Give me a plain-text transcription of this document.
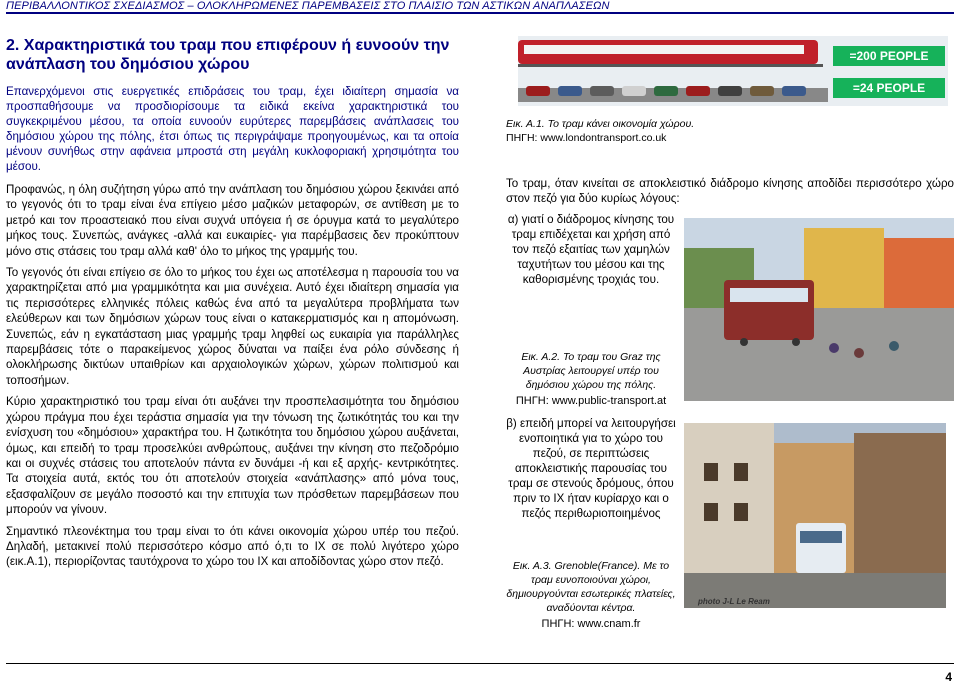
ΠΕΡΙΒΑΛΛΟΝΤΙΚΟΣ ΣΧΕΔΙΑΣΜΟΣ – ΟΛΟΚΛΗΡΩΜΕΝΕΣ ΠΑΡΕΜΒΑΣΕΙΣ ΣΤΟ ΠΛΑΙΣΙΟ ΤΩΝ ΑΣΤΙΚΩΝ ΑΝΑΠΛΑΣΕΩΝ
2. Χαρακτηριστικά του τραμ που επιφέρουν ή ευνοούν την ανάπλαση του δημόσιου χώρου

Επανερχόμενοι στις ευεργετικές επιδράσεις του τραμ, έχει ιδιαίτερη σημασία να προσπαθήσουμε να προσδιορίσουμε τα ειδικά εκείνα χαρακτηριστικά του συγκεκριμένου μέσου, τα οποία ευνοούν ευρύτερες παρεμβάσεις ανάπλασεις του δημόσιου χώρου της πόλης, έτσι όπως τις περιγράψαμε προηγουμένως, και τα οποία μένουν συνήθως στην αφάνεια μπροστά στη μεγάλη κυκλοφοριακή χρησιμότητα του μέσου.

Προφανώς, η όλη συζήτηση γύρω από την ανάπλαση του δημόσιου χώρου ξεκινάει από το γεγονός ότι το τραμ είναι ένα επίγειο μέσο μαζικών μεταφορών, σε αντίθεση με το μετρό και τον προαστειακό που είναι συχνά υπόγεια ή σε όρυγμα κατά το μεγαλύτερο μήκος τους. Συνεπώς, ανάγκες -αλλά και ευκαιρίες- για παρέμβασεις δεν προκύπτουν μόνο στις στάσεις του τραμ αλλά καθ' όλο το μήκος της γραμμής του.

Το γεγονός ότι είναι επίγειο σε όλο το μήκος του έχει ως αποτέλεσμα η παρουσία του να χαρακτηρίζεται από μια γραμμικότητα και μια συνέχεια. Αυτό έχει ιδιαίτερη σημασία για τις περισσότερες ελληνικές πόλεις καθώς ένα από τα μεγαλύτερα προβλήματα των ελεύθερων και των δημόσιων χώρων τους είναι ο κατακερματισμός και η απομόνωση. Συνεπώς, εάν η εγκατάσταση μιας γραμμής τραμ ληφθεί ως ευκαιρία για παράλληλες παρεμβάσεις τότε ο παρακείμενος χώρος δύναται να παίξει ένα ρόλο σύνδεσης ή ολοκλήρωσης δικτύων υπαιθρίων και αρχαιολογικών χώρων, χώρων πολιτισμού και τοποσήμων.

Κύριο χαρακτηριστικό του τραμ είναι ότι αυξάνει την προσπελασιμότητα του δημόσιου χώρου πράγμα που έχει τεράστια σημασία για την τόνωση της ζωτικότητάς του και την ενίσχυση του «δημόσιου» χαρακτήρα του. Η ζωτικότητα του δημόσιου χώρου αυξάνεται, όμως, και επειδή το τραμ προσελκύει ανθρώπους, αυξάνει την κίνηση στο πεζοδρόμιο και οι συχνές στάσεις του αποτελούν πάντα εν δυνάμει -ή και εξ αρχής- κεντρικότητες. Τα στοιχεία αυτά, εκτός του ότι αποτελούν στοιχεία «ανάπλασης» από μόνα τους, εξασφαλίζουν σε μεγάλο ποσοστό και την επιτυχία των πρόσθετων παρεμβάσεων που μπορούν να γίνουν.

Σημαντικό πλεονέκτημα του τραμ είναι το ότι κάνει οικονομία χώρου υπέρ του πεζού. Δηλαδή, μετακινεί πολύ περισσότερο κόσμο από ό,τι το ΙΧ σε πολύ λιγότερο χώρο (εικ.Α.1), περιορίζοντας ταυτόχρονα το χώρο του ΙΧ και αποδίδοντας χώρο στον πεζό.

=200 PEOPLE
=24 PEOPLE
Εικ. Α.1. Το τραμ κάνει οικονομία χώρου.
ΠΗΓΗ: www.londontransport.co.uk
Το τραμ, όταν κινείται σε αποκλειστικό διάδρομο κίνησης αποδίδει περισσότερο χώρο στον πεζό για δύο κυρίως λόγους:
α) γιατί ο διάδρομος κίνησης του τραμ επιδέχεται και χρήση από τον πεζό εξαιτίας των χαμηλών ταχυτήτων του μέσου και της καθορισμένης τροχιάς του.
Εικ. Α.2. Το τραμ του Graz της Αυστρίας λειτουργεί υπέρ του δημόσιου χώρου της πόλης.
ΠΗΓΗ: www.public-transport.at
β) επειδή μπορεί να λειτουργήσει ενοποιητικά για το χώρο του πεζού, σε περιπτώσεις αποκλειστικής παρουσίας του τραμ σε στενούς δρόμους, όπου πριν το ΙΧ ήταν κυρίαρχο και ο πεζός περιθωριοποιημένος
photo J-L Le Ream
Εικ. Α.3. Grenoble(France). Με το τραμ ευνοποιούναι χώροι, δημιουργούνται εσωτερικές πλατείες, αναδύονται κέντρα.
ΠΗΓΗ: www.cnam.fr
4
